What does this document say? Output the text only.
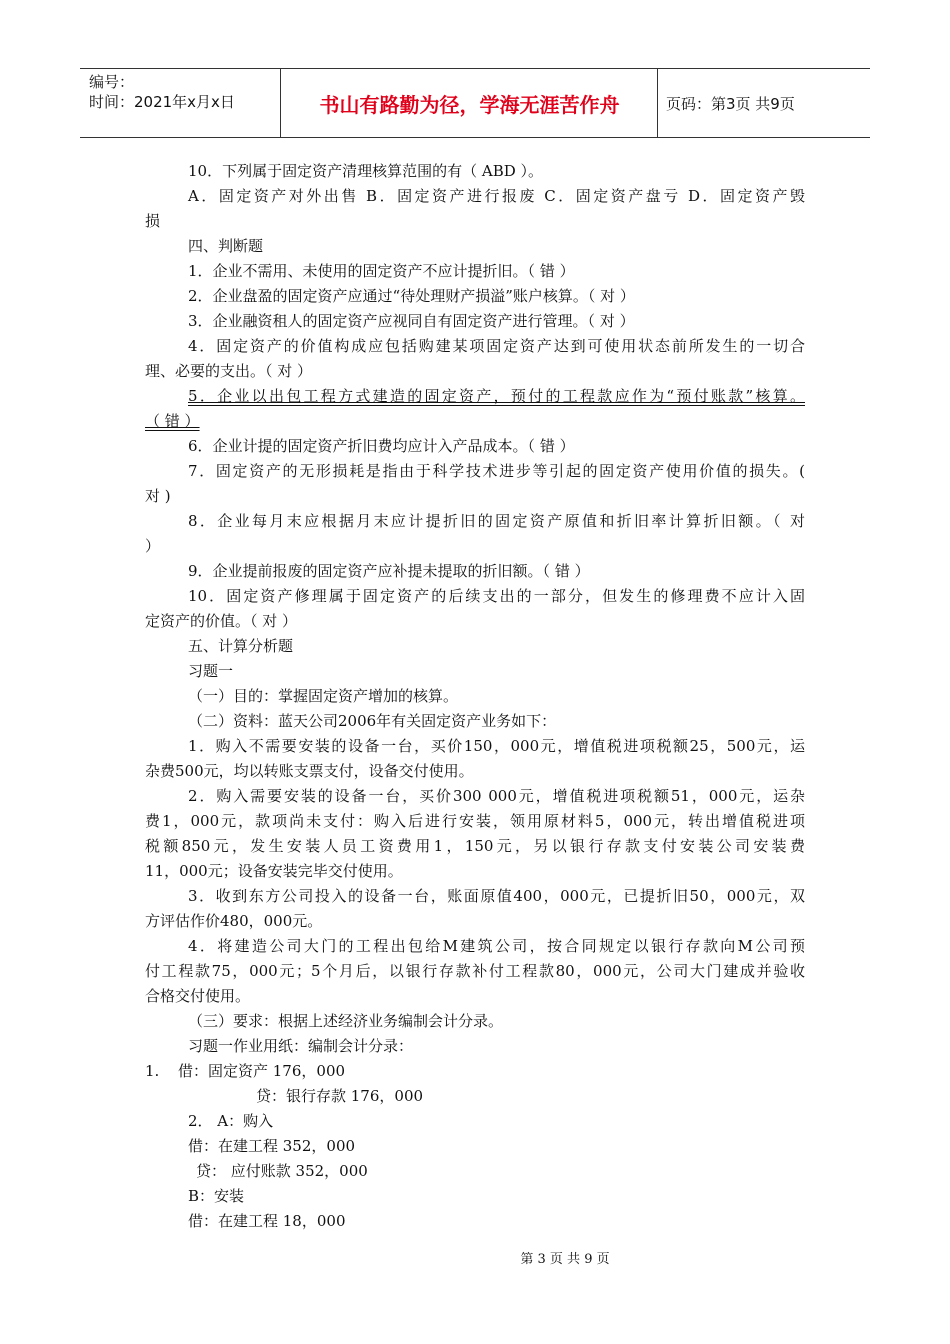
编号：
时间：2021年x月x日	书山有路勤为径，学海无涯苦作舟	页码：第3页 共9页
10．下列属于固定资产清理核算范围的有（ ABD ）。
A．固定资产对外出售 B．固定资产进行报废 C．固定资产盘亏 D．固定资产毁
损
四、判断题
1．企业不需用、未使用的固定资产不应计提折旧。（ 错 ）
2．企业盘盈的固定资产应通过“待处理财产损溢”账户核算。（ 对 ）
3．企业融资租人的固定资产应视同自有固定资产进行管理。（ 对 ）
4．固定资产的价值构成应包括购建某项固定资产达到可使用状态前所发生的一切合
理、必要的支出。（ 对 ）
5．企业以出包工程方式建造的固定资产，预付的工程款应作为“预付账款”核算。
（ 错 ）
6．企业计提的固定资产折旧费均应计入产品成本。（ 错 ）
7．固定资产的无形损耗是指由于科学技术进步等引起的固定资产使用价值的损失。(
对 )
8．企业每月末应根据月末应计提折旧的固定资产原值和折旧率计算折旧额。（ 对
）
9．企业提前报废的固定资产应补提未提取的折旧额。（ 错 ）
10．固定资产修理属于固定资产的后续支出的一部分，但发生的修理费不应计入固
定资产的价值。（ 对 ）
五、计算分析题
习题一
（一）目的：掌握固定资产增加的核算。
（二）资料：蓝天公司2006年有关固定资产业务如下：
1．购入不需要安装的设备一台，买价150，000元，增值税进项税额25，500元，运
杂费500元，均以转账支票支付，设备交付使用。
2．购入需要安装的设备一台，买价300 000元，增值税进项税额51，000元，运杂
费1，000元，款项尚未支付：购入后进行安装，领用原材料5，000元，转出增值税进项
税额850元，发生安装人员工资费用1，150元，另以银行存款支付安装公司安装费
11，000元；设备安装完毕交付使用。
3．收到东方公司投入的设备一台，账面原值400，000元，已提折旧50，000元，双
方评估作价480，000元。
4．将建造公司大门的工程出包给M建筑公司，按合同规定以银行存款向M公司预
付工程款75，000元；5个月后，以银行存款补付工程款80，000元，公司大门建成并验收
合格交付使用。
（三）要求：根据上述经济业务编制会计分录。
习题一作业用纸：编制会计分录：
1. 借：固定资产 176，000
贷：银行存款 176，000
2． A：购入
借：在建工程 352，000
贷： 应付账款 352，000
B：安装
借：在建工程 18，000
第 3 页 共 9 页
